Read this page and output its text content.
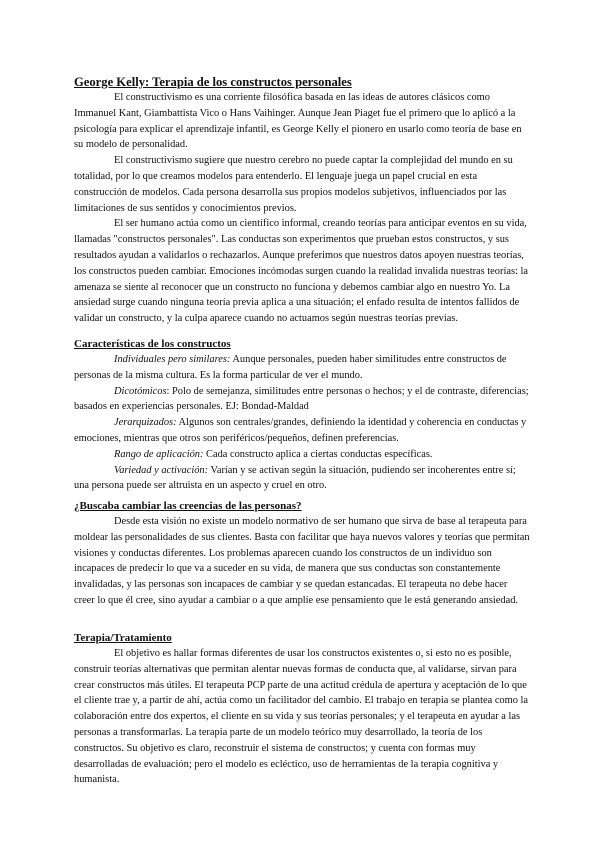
George Kelly: Terapia de los constructos personales

El constructivismo es una corriente filosófica basada en las ideas de autores clásicos como Immanuel Kant, Giambattista Vico o Hans Vaihinger. Aunque Jean Piaget fue el primero que lo aplicó a la psicología para explicar el aprendizaje infantil, es George Kelly el pionero en usarlo como teoría de base en su modelo de personalidad.

El constructivismo sugiere que nuestro cerebro no puede captar la complejidad del mundo en su totalidad, por lo que creamos modelos para entenderlo. El lenguaje juega un papel crucial en esta construcción de modelos. Cada persona desarrolla sus propios modelos subjetivos, influenciados por las limitaciones de sus sentidos y conocimientos previos.

El ser humano actúa como un científico informal, creando teorías para anticipar eventos en su vida, llamadas "constructos personales". Las conductas son experimentos que prueban estos constructos, y sus resultados ayudan a validarlos o rechazarlos. Aunque preferimos que nuestros datos apoyen nuestras teorías, los constructos pueden cambiar. Emociones incómodas surgen cuando la realidad invalida nuestras teorías: la amenaza se siente al reconocer que un constructo no funciona y debemos cambiar algo en nuestro Yo. La ansiedad surge cuando ninguna teoría previa aplica a una situación; el enfado resulta de intentos fallidos de validar un constructo, y la culpa aparece cuando no actuamos según nuestras teorías previas.

Características de los constructos

Individuales pero similares: Aunque personales, pueden haber similitudes entre constructos de personas de la misma cultura. Es la forma particular de ver el mundo.

Dicotómicos: Polo de semejanza, similitudes entre personas o hechos; y el de contraste, diferencias; basados en experiencias personales. EJ: Bondad-Maldad

Jerarquizados: Algunos son centrales/grandes, definiendo la identidad y coherencia en conductas y emociones, mientras que otros son periféricos/pequeños, definen preferencias.

Rango de aplicación: Cada constructo aplica a ciertas conductas específicas.

Variedad y activación: Varían y se activan según la situación, pudiendo ser incoherentes entre sí; una persona puede ser altruista en un aspecto y cruel en otro.

¿Buscaba cambiar las creencias de las personas?

Desde esta visión no existe un modelo normativo de ser humano que sirva de base al terapeuta para moldear las personalidades de sus clientes. Basta con facilitar que haya nuevos valores y teorías que permitan visiones y conductas diferentes. Los problemas aparecen cuando los constructos de un individuo son incapaces de predecir lo que va a suceder en su vida, de manera que sus conductas son constantemente invalidadas, y las personas son incapaces de cambiar y se quedan estancadas. El terapeuta no debe hacer creer lo que él cree, sino ayudar a cambiar o a que amplíe ese pensamiento que le está generando ansiedad.

Terapia/Tratamiento

El objetivo es hallar formas diferentes de usar los constructos existentes o, si esto no es posible, construir teorías alternativas que permitan alentar nuevas formas de conducta que, al validarse, sirvan para crear constructos más útiles. El terapeuta PCP parte de una actitud crédula de apertura y aceptación de lo que el cliente trae y, a partir de ahí, actúa como un facilitador del cambio. El trabajo en terapia se plantea como la colaboración entre dos expertos, el cliente en su vida y sus teorías personales; y el terapeuta en ayudar a las personas a transformarlas. La terapia parte de un modelo teórico muy desarrollado, la teoría de los constructos. Su objetivo es claro, reconstruir el sistema de constructos; y cuenta con formas muy desarrolladas de evaluación; pero el modelo es ecléctico, uso de herramientas de la terapia cognitiva y humanista.
